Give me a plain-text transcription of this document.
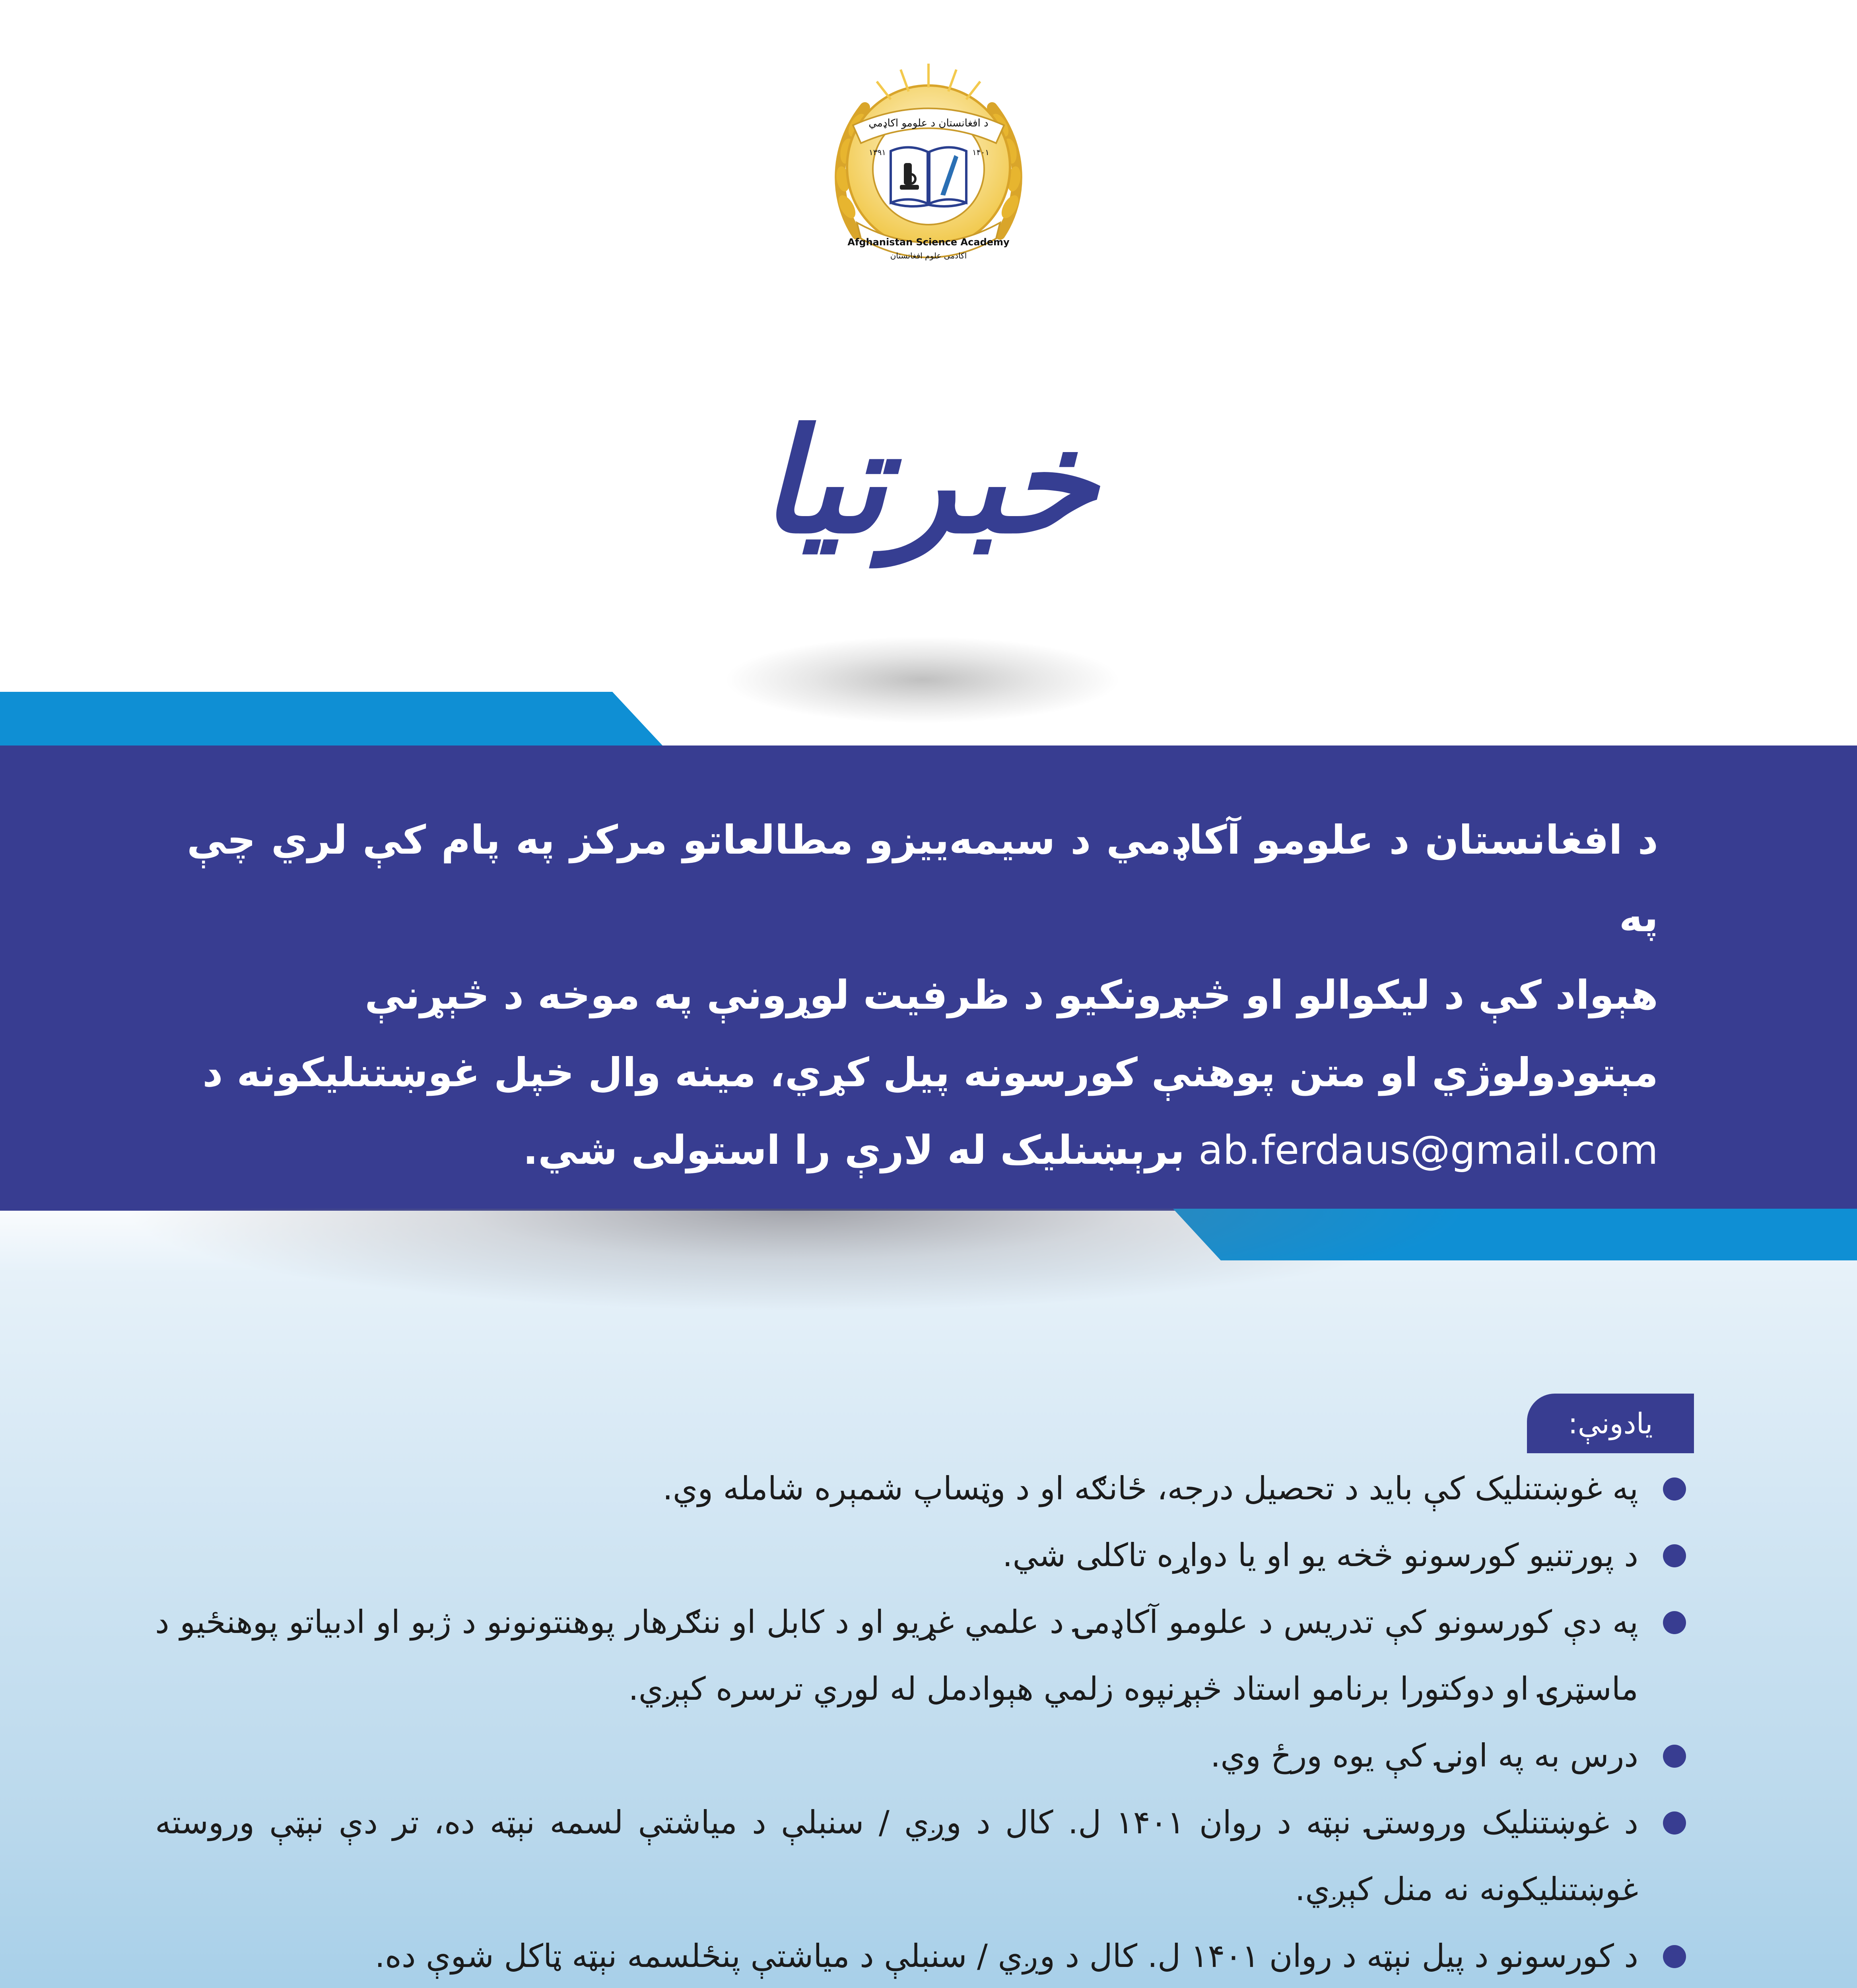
د افغانستان د علومو اکاډمي
۱۳۹۱	۱۴۰۱
Afghanistan Science Academy
اکادمی علوم افغانستان
خبرتیا

د افغانستان د علومو آکاډمي د سیمه‌ییزو مطالعاتو مرکز په پام کې لري چې په

هېواد کې د لیکوالو او څېړونکیو د ظرفیت لوړونې په موخه د څېړنې

مېتودولوژي او متن پوهنې کورسونه پیل کړي، مینه وال خپل غوښتنلیکونه د

ab.ferdaus@gmail.com برېښنلیک له لارې را استولی شي.

یادونې:
په غوښتنلیک کې باید د تحصیل درجه، ځانګه او د وټساپ شمېره شامله وي.
د پورتنیو کورسونو څخه یو او یا دواړه تاکلی شي.
په دې کورسونو کې تدریس د علومو آکاډمۍ د علمي غړیو او د کابل او ننګرهار پوهنتونونو د ژبو او ادبیاتو پوهنځیو د ماسټرۍ او دوکتورا برنامو استاد څېړنپوه زلمي هېوادمل له لوري ترسره کېږي.
درس به په اونۍ کې یوه ورځ وي.
د غوښتنلیک وروستۍ نېټه د روان ۱۴۰۱ ل. کال د وږي / سنبلې د میاشتې لسمه نېټه ده، تر دې نېټې وروسته غوښتنلیکونه نه منل کېږي.
د کورسونو د پیل نېټه د روان ۱۴۰۱ ل. کال د وږي / سنبلې د میاشتې پنځلسمه نېټه ټاکل شوې ده.
